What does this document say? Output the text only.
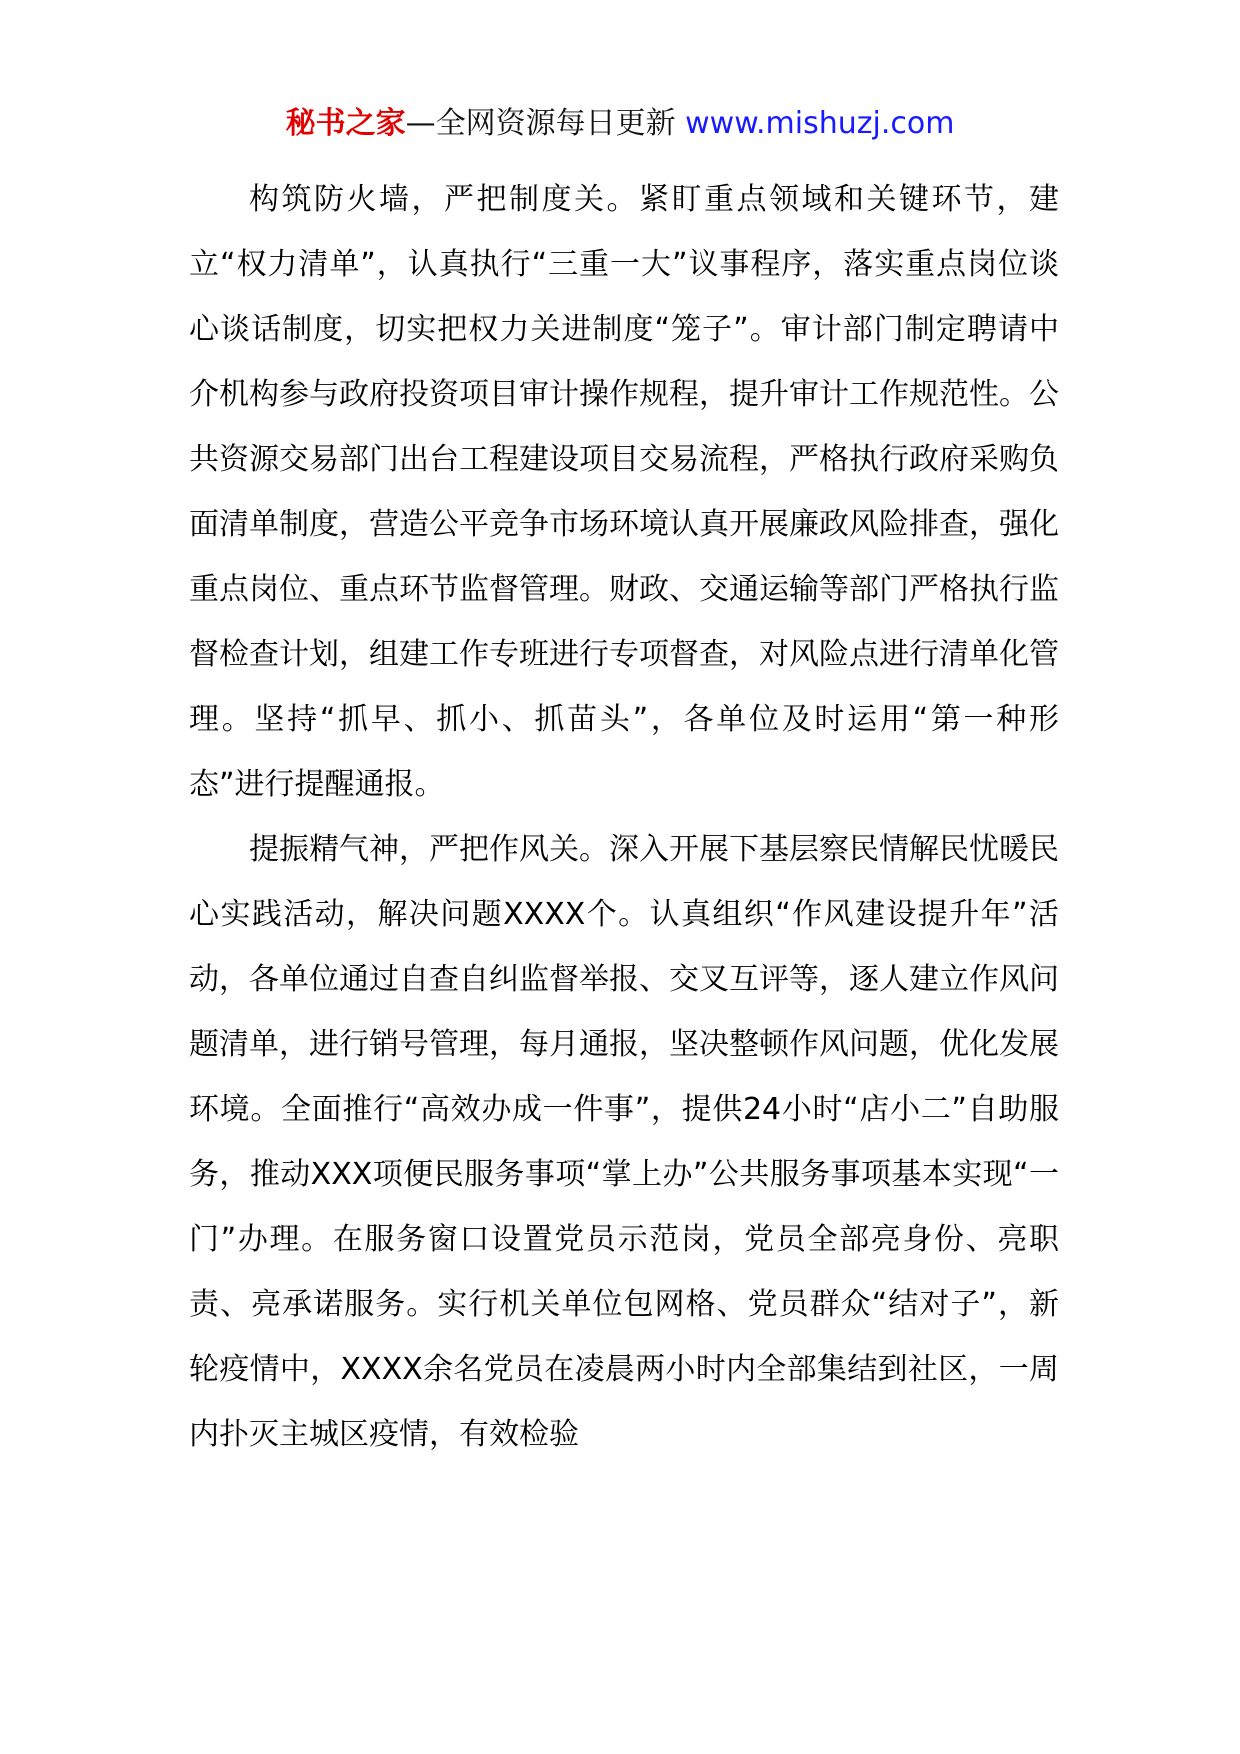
秘书之家—全网资源每日更新 www.mishuzj.com

构筑防火墙，严把制度关。紧盯重点领域和关键环节，建立“权力清单”，认真执行“三重一大”议事程序，落实重点岗位谈心谈话制度，切实把权力关进制度“笼子”。审计部门制定聘请中介机构参与政府投资项目审计操作规程，提升审计工作规范性。公共资源交易部门出台工程建设项目交易流程，严格执行政府采购负面清单制度，营造公平竞争市场环境认真开展廉政风险排查，强化重点岗位、重点环节监督管理。财政、交通运输等部门严格执行监督检查计划，组建工作专班进行专项督查，对风险点进行清单化管理。坚持“抓早、抓小、抓苗头”，各单位及时运用“第一种形态”进行提醒通报。

提振精气神，严把作风关。深入开展下基层察民情解民忧暖民心实践活动，解决问题XXXX个。认真组织“作风建设提升年”活动，各单位通过自查自纠监督举报、交叉互评等，逐人建立作风问题清单，进行销号管理，每月通报，坚决整顿作风问题，优化发展环境。全面推行“高效办成一件事”，提供24小时“店小二”自助服务，推动XXX项便民服务事项“掌上办”公共服务事项基本实现“一门”办理。在服务窗口设置党员示范岗，党员全部亮身份、亮职责、亮承诺服务。实行机关单位包网格、党员群众“结对子”，新轮疫情中，XXXX余名党员在凌晨两小时内全部集结到社区，一周内扑灭主城区疫情，有效检验
